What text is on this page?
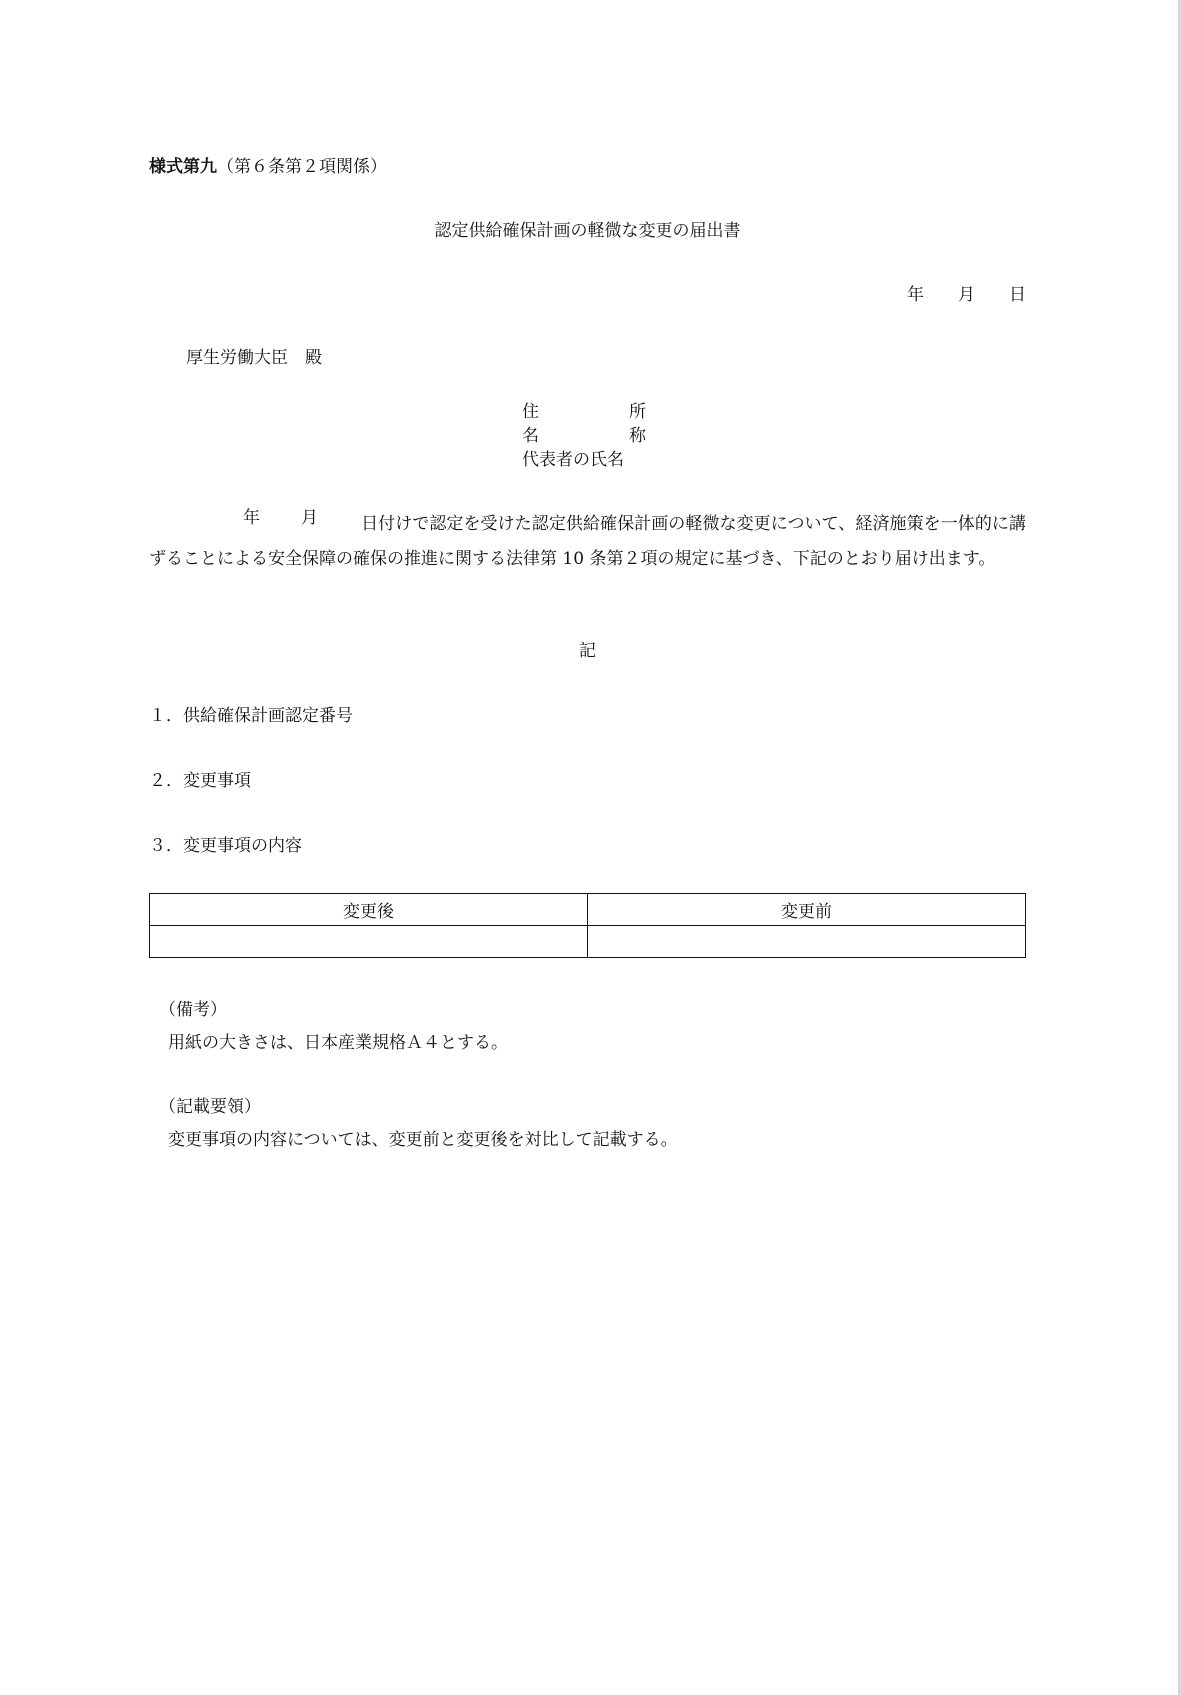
様式第九（第６条第２項関係）
認定供給確保計画の軽微な変更の届出書
年 月 日
厚生労働大臣　殿
住	所
名	称
代表者の氏名
年 月	日付けで認定を受けた認定供給確保計画の軽微な変更について、経済施策を一体的に講ずることによる安全保障の確保の推進に関する法律第 10 条第２項の規定に基づき、下記のとおり届け出ます。
記
１．供給確保計画認定番号
２．変更事項
３．変更事項の内容
変更後	変更前

（備考）
用紙の大きさは、日本産業規格Ａ４とする。
（記載要領）
変更事項の内容については、変更前と変更後を対比して記載する。
